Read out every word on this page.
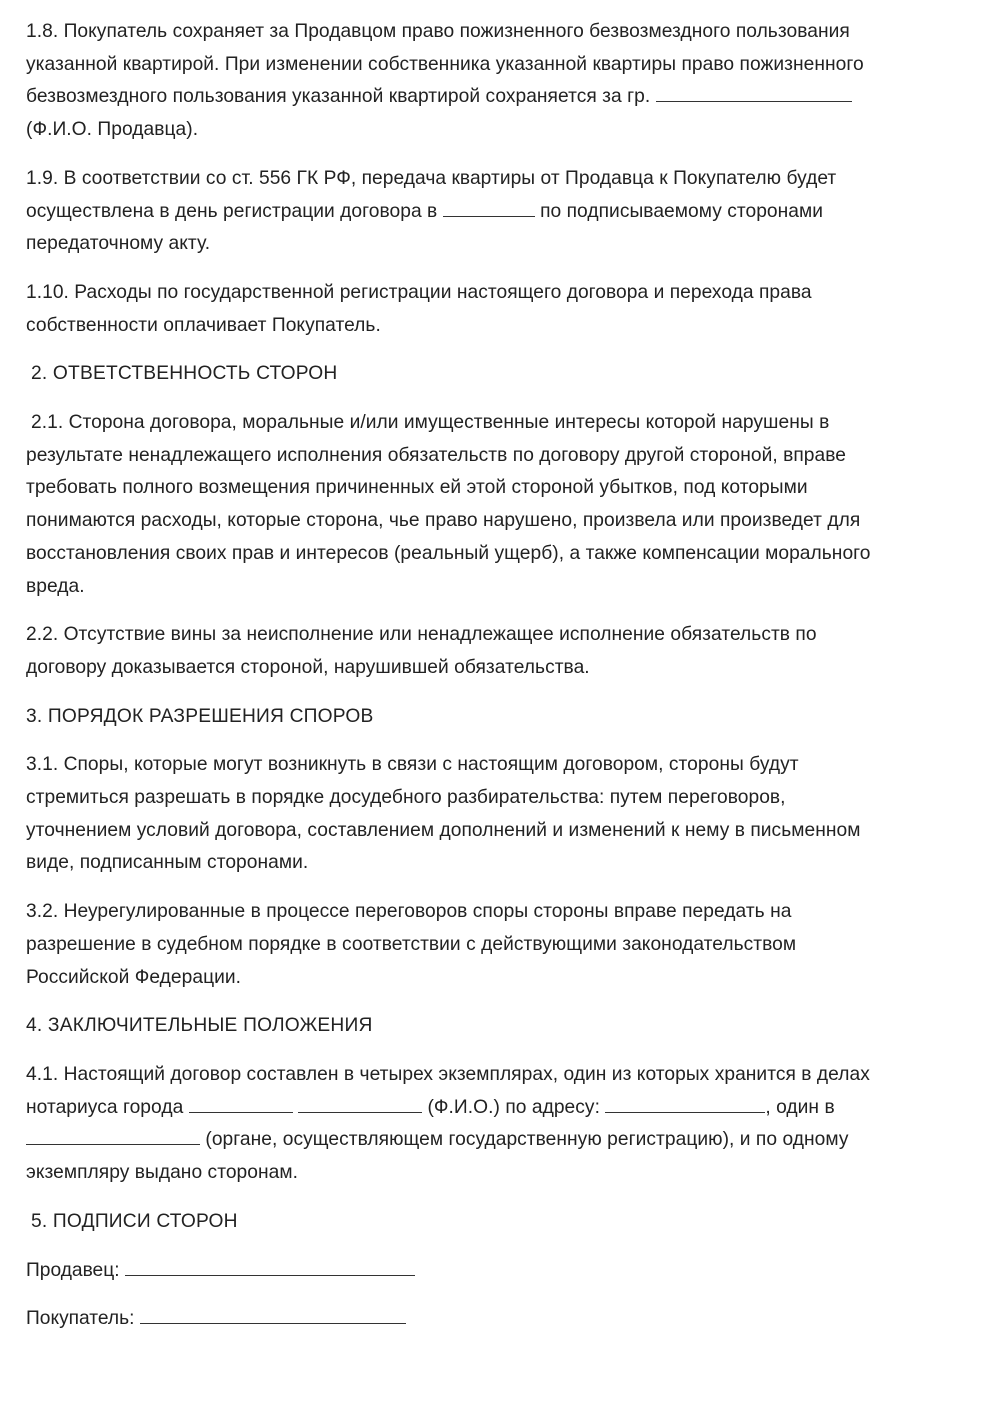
1.8. Покупатель сохраняет за Продавцом право пожизненного безвозмездного пользования
указанной квартирой. При изменении собственника указанной квартиры право пожизненного
безвозмездного пользования указанной квартирой сохраняется за гр.
(Ф.И.О. Продавца).
1.9. В соответствии со ст. 556 ГК РФ, передача квартиры от Продавца к Покупателю будет
осуществлена в день регистрации договора в	по подписываемому сторонами
передаточному акту.
1.10. Расходы по государственной регистрации настоящего договора и перехода права
собственности оплачивает Покупатель.
2. ОТВЕТСТВЕННОСТЬ СТОРОН
2.1. Сторона договора, моральные и/или имущественные интересы которой нарушены в
результате ненадлежащего исполнения обязательств по договору другой стороной, вправе
требовать полного возмещения причиненных ей этой стороной убытков, под которыми
понимаются расходы, которые сторона, чье право нарушено, произвела или произведет для
восстановления своих прав и интересов (реальный ущерб), а также компенсации морального
вреда.
2.2. Отсутствие вины за неисполнение или ненадлежащее исполнение обязательств по
договору доказывается стороной, нарушившей обязательства.
3. ПОРЯДОК РАЗРЕШЕНИЯ СПОРОВ
3.1. Споры, которые могут возникнуть в связи с настоящим договором, стороны будут
стремиться разрешать в порядке досудебного разбирательства: путем переговоров,
уточнением условий договора, составлением дополнений и изменений к нему в письменном
виде, подписанным сторонами.
3.2. Неурегулированные в процессе переговоров споры стороны вправе передать на
разрешение в судебном порядке в соответствии с действующими законодательством
Российской Федерации.
4. ЗАКЛЮЧИТЕЛЬНЫЕ ПОЛОЖЕНИЯ
4.1. Настоящий договор составлен в четырех экземплярах, один из которых хранится в делах
нотариуса города	(Ф.И.О.) по адресу:	, один в
(органе, осуществляющем государственную регистрацию), и по одному
экземпляру выдано сторонам.
5. ПОДПИСИ СТОРОН
Продавец:
Покупатель:
